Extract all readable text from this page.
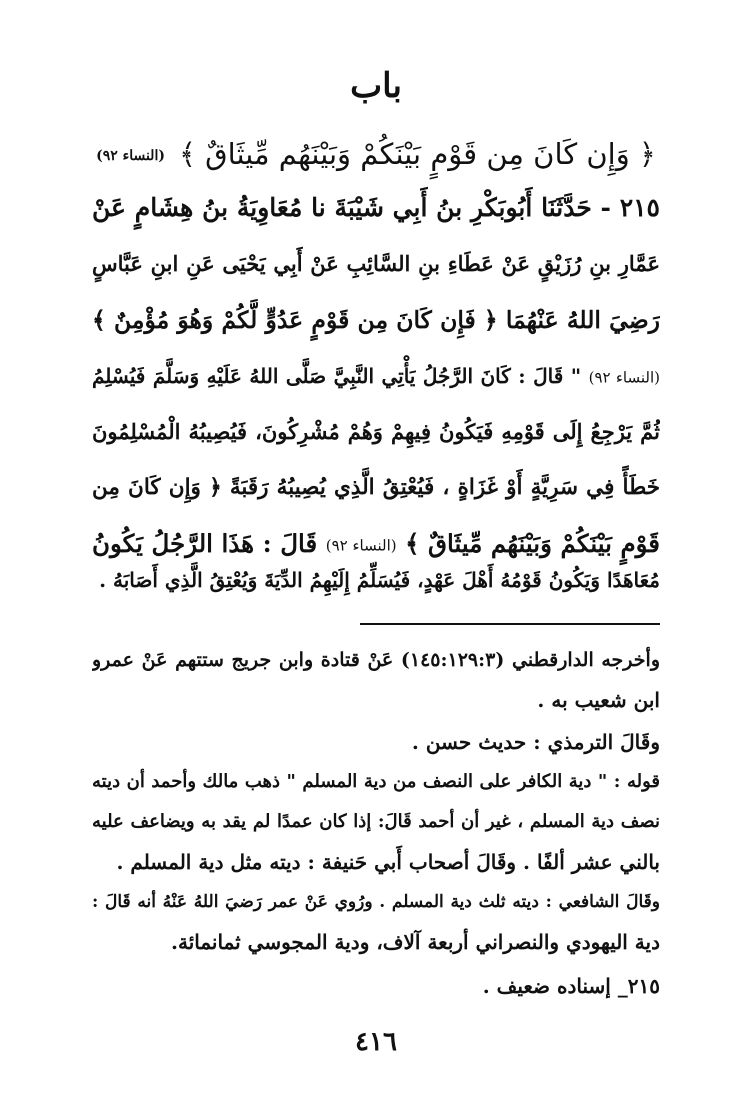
باب
﴿ وَإِن كَانَ مِن قَوْمٍ بَيْنَكُمْ وَبَيْنَهُم مِّيثَاقٌ ﴾(النساء ٩٢)
٢١٥ - حَدَّثَنَا أَبُوبَكْرِ بنُ أَبِي شَيْبَةَ نا مُعَاوِيَةُ بنُ هِشَامٍ عَنْ
عَمَّارِ بنِ رُزَيْقٍ عَنْ عَطَاءِ بنِ السَّائِبِ عَنْ أَبِي يَحْيَى عَنِ ابنِ عَبَّاسٍ
رَضِيَ اللهُ عَنْهُمَا ﴿ فَإِن كَانَ مِن قَوْمٍ عَدُوٍّ لَّكُمْ وَهُوَ مُؤْمِنٌ ﴾
(النساء ٩٢) " قَالَ : كَانَ الرَّجُلُ يَأْتِي النَّبِيَّ صَلَّى اللهُ عَلَيْهِ وَسَلَّمَ فَيُسْلِمُ
ثُمَّ يَرْجِعُ إِلَى قَوْمِهِ فَيَكُونُ فِيهِمْ وَهُمْ مُشْرِكُونَ، فَيُصِيبُهُ الْمُسْلِمُونَ
خَطَأً فِي سَرِيَّةٍ أَوْ غَزَاةٍ ، فَيُعْتِقُ الَّذِي يُصِيبُهُ رَقَبَةً ﴿ وَإِن كَانَ مِن
قَوْمٍ بَيْنَكُمْ وَبَيْنَهُم مِّيثَاقٌ ﴾ (النساء ٩٢) قَالَ : هَذَا الرَّجُلُ يَكُونُ
مُعَاهَدًا وَيَكُونُ قَوْمُهُ أَهْلَ عَهْدٍ، فَيُسَلِّمُ إِلَيْهِمُ الدِّيَةَ وَيُعْتِقُ الَّذِي أَصَابَهُ .
وأخرجه الدارقطني (١٤٥:١٢٩:٣) عَنْ قتادة وابن جريج ستتهم عَنْ عمرو
ابن شعيب به .
وقَالَ الترمذي : حديث حسن .
قوله : " دية الكافر على النصف من دية المسلم " ذهب مالك وأحمد أن ديته
نصف دية المسلم ، غير أن أحمد قَالَ: إذا كان عمدًا لم يقد به ويضاعف عليه
بالني عشر ألفًا . وقَالَ أصحاب أَبي حَنيفة : ديته مثل دية المسلم .
وقَالَ الشافعي : ديته ثلث دية المسلم . ورُوي عَنْ عمر رَضيَ اللهُ عَنْهُ أنه قَالَ :
دية اليهودي والنصراني أربعة آلاف، ودية المجوسي ثمانمائة.
٢١٥_ إسناده ضعيف .
٤١٦
